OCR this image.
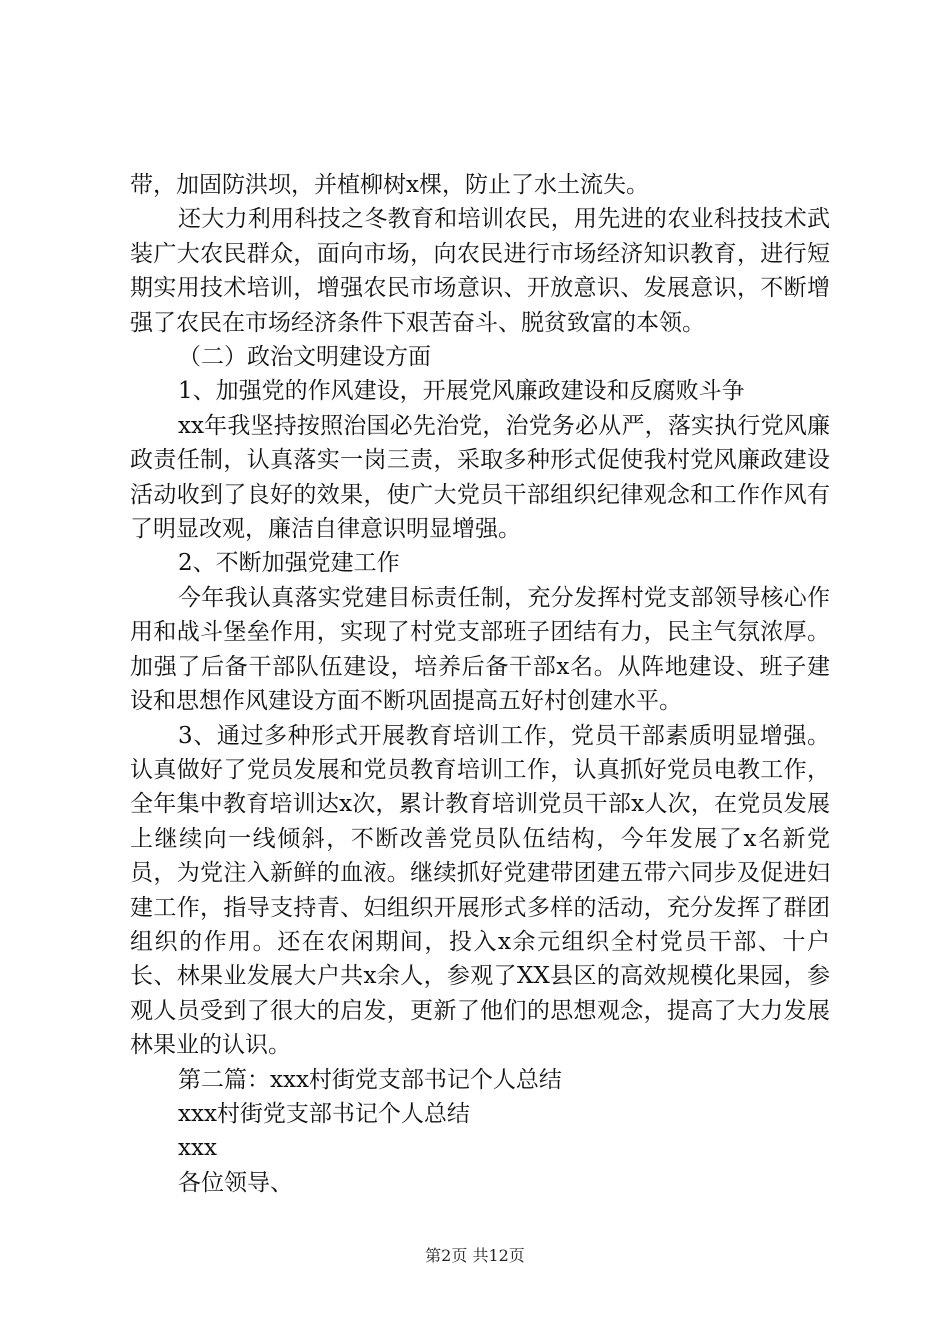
带，加固防洪坝，并植柳树x棵，防止了水土流失。

还大力利用科技之冬教育和培训农民，用先进的农业科技技术武装广大农民群众，面向市场，向农民进行市场经济知识教育，进行短期实用技术培训，增强农民市场意识、开放意识、发展意识，不断增强了农民在市场经济条件下艰苦奋斗、脱贫致富的本领。

（二）政治文明建设方面

1、加强党的作风建设，开展党风廉政建设和反腐败斗争

xx年我坚持按照治国必先治党，治党务必从严，落实执行党风廉政责任制，认真落实一岗三责，采取多种形式促使我村党风廉政建设活动收到了良好的效果，使广大党员干部组织纪律观念和工作作风有了明显改观，廉洁自律意识明显增强。

2、不断加强党建工作

今年我认真落实党建目标责任制，充分发挥村党支部领导核心作用和战斗堡垒作用，实现了村党支部班子团结有力，民主气氛浓厚。加强了后备干部队伍建设，培养后备干部x名。从阵地建设、班子建设和思想作风建设方面不断巩固提高五好村创建水平。

3、通过多种形式开展教育培训工作，党员干部素质明显增强。认真做好了党员发展和党员教育培训工作，认真抓好党员电教工作，全年集中教育培训达x次，累计教育培训党员干部x人次，在党员发展上继续向一线倾斜，不断改善党员队伍结构，今年发展了x名新党员，为党注入新鲜的血液。继续抓好党建带团建五带六同步及促进妇建工作，指导支持青、妇组织开展形式多样的活动，充分发挥了群团组织的作用。还在农闲期间，投入x余元组织全村党员干部、十户长、林果业发展大户共x余人，参观了XX县区的高效规模化果园，参观人员受到了很大的启发，更新了他们的思想观念，提高了大力发展林果业的认识。

第二篇：xxx村街党支部书记个人总结

xxx村街党支部书记个人总结

xxx

各位领导、

第2页 共12页
